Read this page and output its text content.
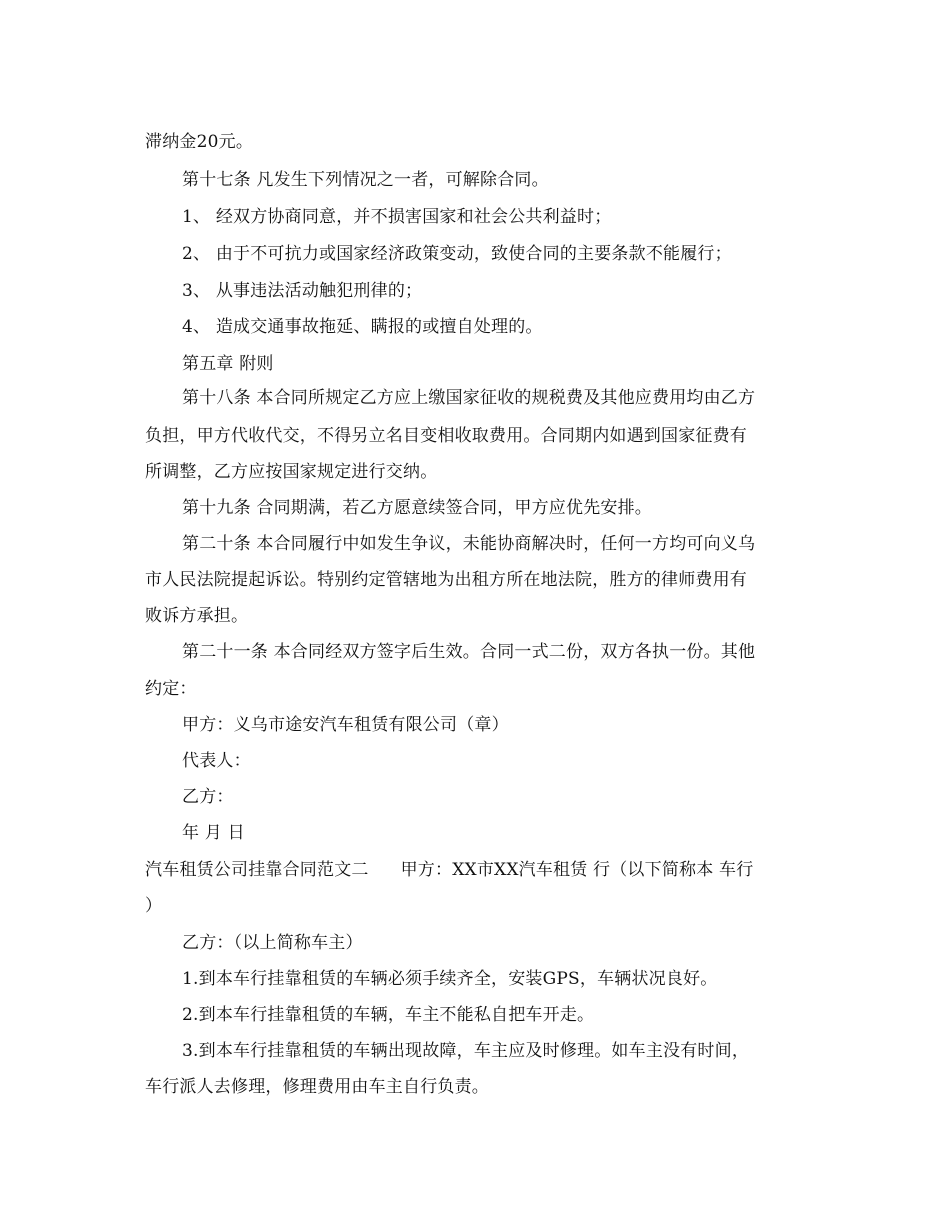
滞纳金20元。
第十七条 凡发生下列情况之一者，可解除合同。
1、 经双方协商同意，并不损害国家和社会公共利益时；
2、 由于不可抗力或国家经济政策变动，致使合同的主要条款不能履行；
3、 从事违法活动触犯刑律的；
4、 造成交通事故拖延、瞒报的或擅自处理的。
第五章 附则
第十八条 本合同所规定乙方应上缴国家征收的规税费及其他应费用均由乙方
负担，甲方代收代交，不得另立名目变相收取费用。合同期内如遇到国家征费有
所调整，乙方应按国家规定进行交纳。
第十九条 合同期满，若乙方愿意续签合同，甲方应优先安排。
第二十条 本合同履行中如发生争议，未能协商解决时，任何一方均可向义乌
市人民法院提起诉讼。特别约定管辖地为出租方所在地法院，胜方的律师费用有
败诉方承担。
第二十一条 本合同经双方签字后生效。合同一式二份，双方各执一份。其他
约定：
甲方：义乌市途安汽车租赁有限公司（章）
代表人：
乙方：
年 月 日
汽车租赁公司挂靠合同范文二 甲方：XX市XX汽车租赁 行（以下简称本 车行
）
乙方：（以上简称车主）
1.到本车行挂靠租赁的车辆必须手续齐全，安装GPS，车辆状况良好。
2.到本车行挂靠租赁的车辆，车主不能私自把车开走。
3.到本车行挂靠租赁的车辆出现故障，车主应及时修理。如车主没有时间，
车行派人去修理，修理费用由车主自行负责。
